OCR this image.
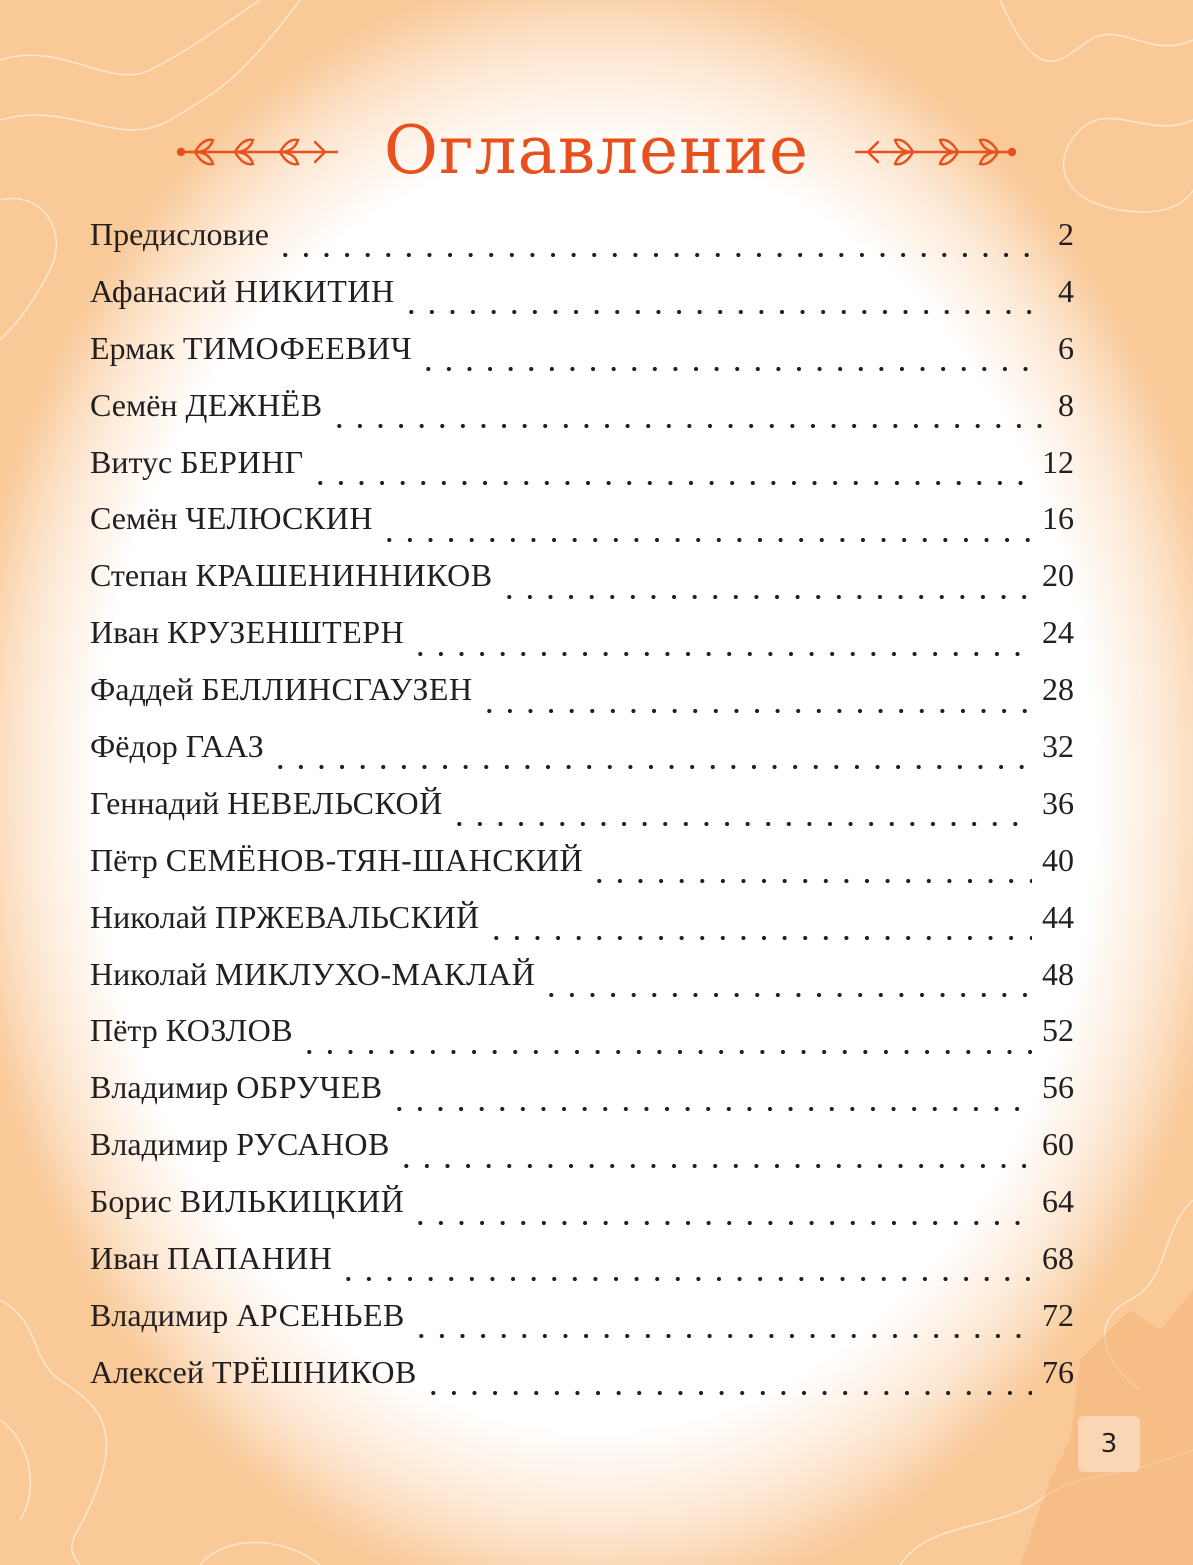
Оглавление
Предисловие	2
Афанасий НИКИТИН	4
Ермак ТИМОФЕЕВИЧ	6
Семён ДЕЖНЁВ	8
Витус БЕРИНГ	12
Семён ЧЕЛЮСКИН	16
Степан КРАШЕНИННИКОВ	20
Иван КРУЗЕНШТЕРН	24
Фаддей БЕЛЛИНСГАУЗЕН	28
Фёдор ГААЗ	32
Геннадий НЕВЕЛЬСКОЙ	36
Пётр СЕМЁНОВ-ТЯН-ШАНСКИЙ	40
Николай ПРЖЕВАЛЬСКИЙ	44
Николай МИКЛУХО-МАКЛАЙ	48
Пётр КОЗЛОВ	52
Владимир ОБРУЧЕВ	56
Владимир РУСАНОВ	60
Борис ВИЛЬКИЦКИЙ	64
Иван ПАПАНИН	68
Владимир АРСЕНЬЕВ	72
Алексей ТРЁШНИКОВ	76
3
